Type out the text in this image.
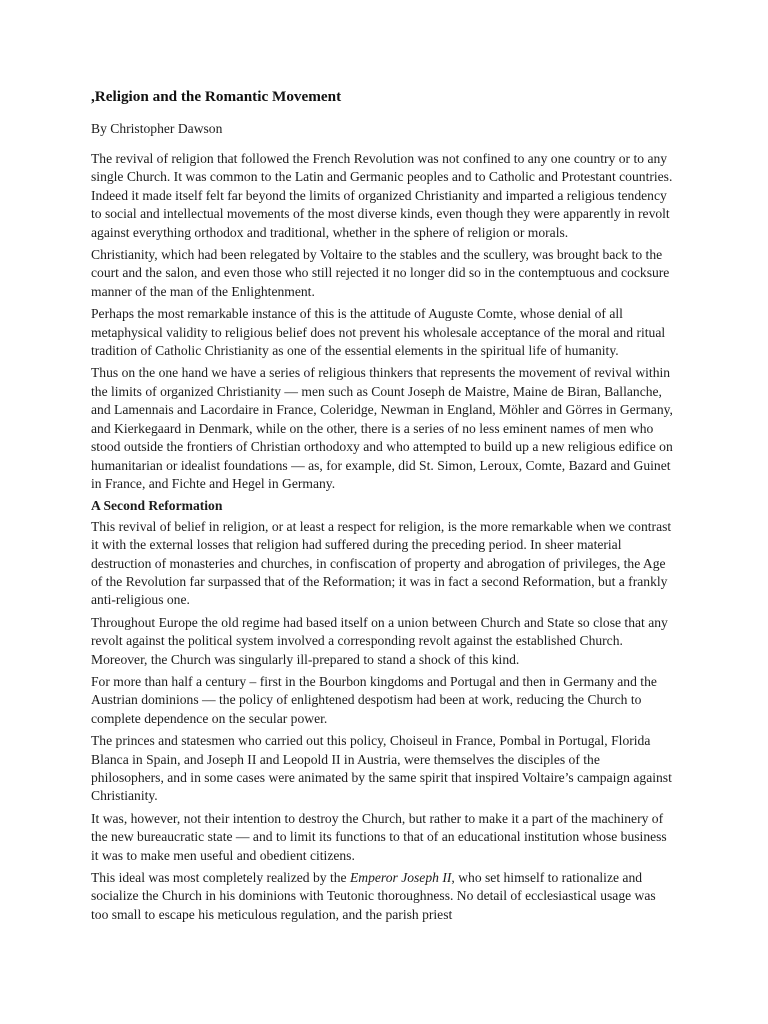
,Religion and the Romantic Movement

By Christopher Dawson

The revival of religion that followed the French Revolution was not confined to any one country or to any single Church. It was common to the Latin and Germanic peoples and to Catholic and Protestant countries. Indeed it made itself felt far beyond the limits of organized Christianity and imparted a religious tendency to social and intellectual movements of the most diverse kinds, even though they were apparently in revolt against everything orthodox and traditional, whether in the sphere of religion or morals.

Christianity, which had been relegated by Voltaire to the stables and the scullery, was brought back to the court and the salon, and even those who still rejected it no longer did so in the contemptuous and cocksure manner of the man of the Enlightenment.

Perhaps the most remarkable instance of this is the attitude of Auguste Comte, whose denial of all metaphysical validity to religious belief does not prevent his wholesale acceptance of the moral and ritual tradition of Catholic Christianity as one of the essential elements in the spiritual life of humanity.

Thus on the one hand we have a series of religious thinkers that represents the movement of revival within the limits of organized Christianity — men such as Count Joseph de Maistre, Maine de Biran, Ballanche, and Lamennais and Lacordaire in France, Coleridge, Newman in England, Möhler and Görres in Germany, and Kierkegaard in Denmark, while on the other, there is a series of no less eminent names of men who stood outside the frontiers of Christian orthodoxy and who attempted to build up a new religious edifice on humanitarian or idealist foundations — as, for example, did St. Simon, Leroux, Comte, Bazard and Guinet in France, and Fichte and Hegel in Germany.

A Second Reformation

This revival of belief in religion, or at least a respect for religion, is the more remarkable when we contrast it with the external losses that religion had suffered during the preceding period. In sheer material destruction of monasteries and churches, in confiscation of property and abrogation of privileges, the Age of the Revolution far surpassed that of the Reformation; it was in fact a second Reformation, but a frankly anti-religious one.

Throughout Europe the old regime had based itself on a union between Church and State so close that any revolt against the political system involved a corresponding revolt against the established Church. Moreover, the Church was singularly ill-prepared to stand a shock of this kind.

For more than half a century – first in the Bourbon kingdoms and Portugal and then in Germany and the Austrian dominions — the policy of enlightened despotism had been at work, reducing the Church to complete dependence on the secular power.

The princes and statesmen who carried out this policy, Choiseul in France, Pombal in Portugal, Florida Blanca in Spain, and Joseph II and Leopold II in Austria, were themselves the disciples of the philosophers, and in some cases were animated by the same spirit that inspired Voltaire’s campaign against Christianity.

It was, however, not their intention to destroy the Church, but rather to make it a part of the machinery of the new bureaucratic state — and to limit its functions to that of an educational institution whose business it was to make men useful and obedient citizens.

This ideal was most completely realized by the Emperor Joseph II, who set himself to rationalize and socialize the Church in his dominions with Teutonic thoroughness. No detail of ecclesiastical usage was too small to escape his meticulous regulation, and the parish priest
